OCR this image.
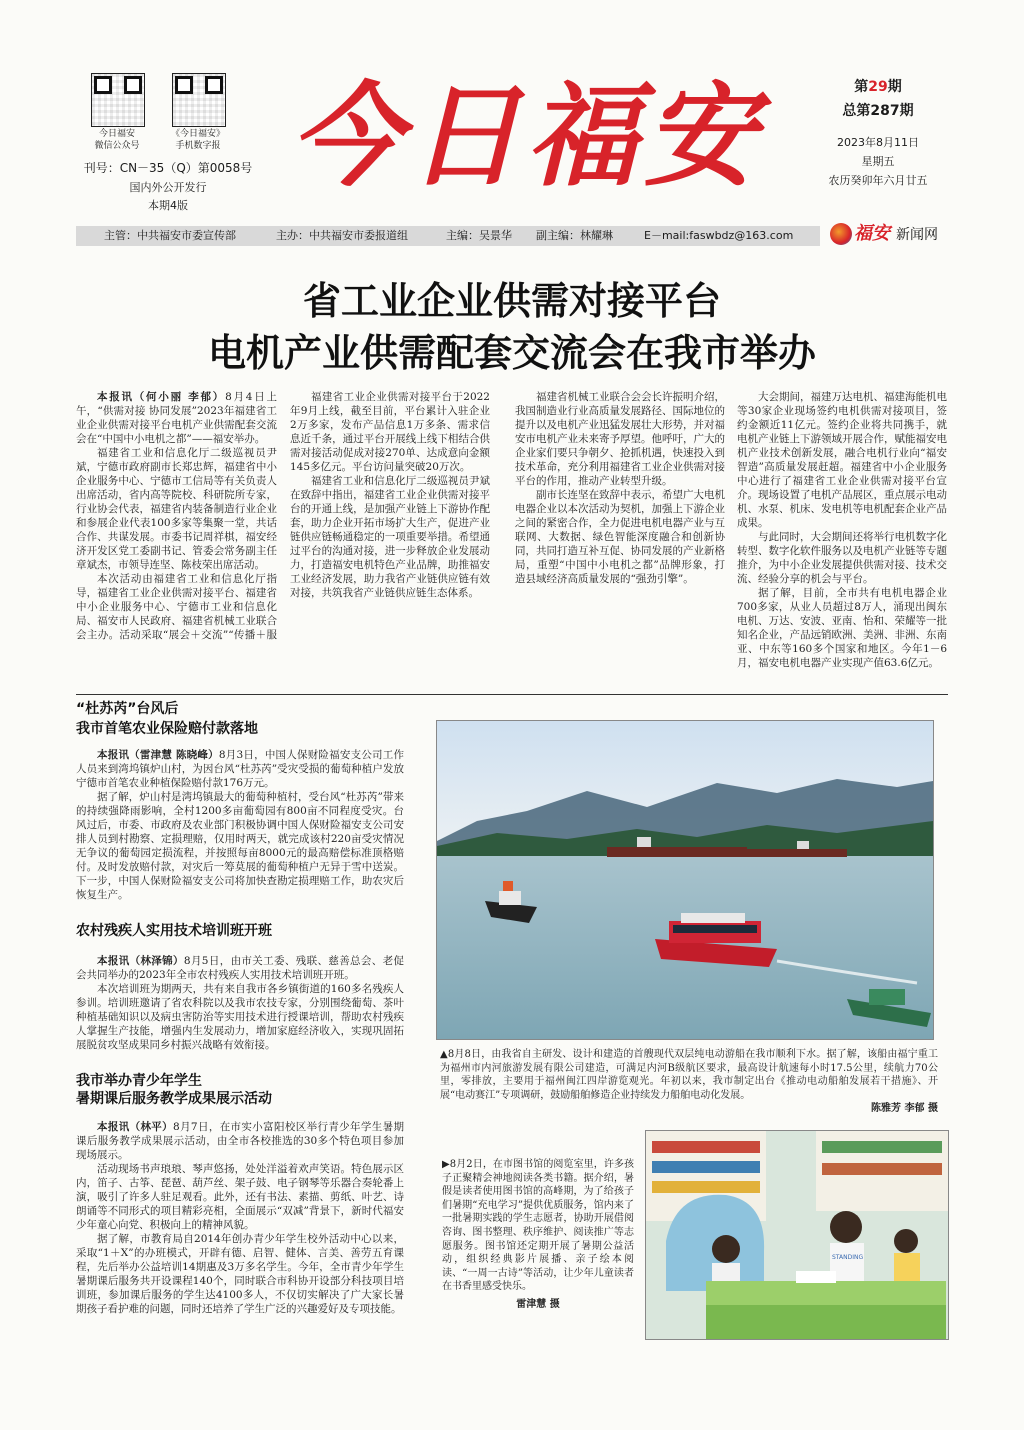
今日福安
微信公众号
《今日福安》
手机数字报
刊号：CN－35（Q）第0058号
国内外公开发行
本期4版
今日福安	第29期
总第287期
2023年8月11日
星期五
农历癸卯年六月廿五
主管：中共福安市委宣传部	主办：中共福安市委报道组	主编：吴景华 副主编：林耀琳	E－mail:faswbdz@163.com	福安 新闻网
省工业企业供需对接平台
电机产业供需配套交流会在我市举办

本报讯（何小丽 李郁）8月4日上午，“供需对接 协同发展”2023年福建省工业企业供需对接平台电机产业供需配套交流会在“中国中小电机之都”——福安举办。

福建省工业和信息化厅二级巡视员尹斌，宁德市政府副市长郑忠辉，福建省中小企业服务中心、宁德市工信局等有关负责人出席活动，省内高等院校、科研院所专家，行业协会代表，福建省内装备制造行业企业和参展企业代表100多家等集聚一堂，共话合作、共谋发展。市委书记周祥棋，福安经济开发区党工委副书记、管委会常务副主任章斌杰，市领导连坚、陈枝荣出席活动。

本次活动由福建省工业和信息化厅指导，福建省工业企业供需对接平台、福建省中小企业服务中心、宁德市工业和信息化局、福安市人民政府、福建省机械工业联合会主办。活动采取“展会＋交流”“传播＋服

福建省工业企业供需对接平台于2022年9月上线，截至目前，平台累计入驻企业2万多家，发布产品信息1万多条、需求信息近千条，通过平台开展线上线下相结合供需对接活动促成对接270单、达成意向金额145多亿元。平台访问量突破20万次。

福建省工业和信息化厅二级巡视员尹斌在致辞中指出，福建省工业企业供需对接平台的开通上线，是加强产业链上下游协作配套，助力企业开拓市场扩大生产，促进产业链供应链畅通稳定的一项重要举措。希望通过平台的沟通对接，进一步释放企业发展动力，打造福安电机特色产业品牌，助推福安工业经济发展，助力我省产业链供应链有效对接，共筑我省产业链供应链生态体系。

福建省机械工业联合会会长许振明介绍，我国制造业行业高质量发展路径、国际地位的提升以及电机产业迅猛发展壮大形势，并对福安市电机产业未来寄予厚望。他呼吁，广大的企业家们要只争朝夕、抢抓机遇，快速投入到技术革命，充分利用福建省工业企业供需对接平台的作用，推动产业转型升级。

副市长连坚在致辞中表示，希望广大电机电器企业以本次活动为契机，加强上下游企业之间的紧密合作，全力促进电机电器产业与互联网、大数据、绿色智能深度融合和创新协同，共同打造互补互促、协同发展的产业新格局，重塑“中国中小电机之都”品牌形象，打造县域经济高质量发展的“强劲引擎”。

大会期间，福建万达电机、福建海能机电等30家企业现场签约电机供需对接项目，签约金额近11亿元。签约企业将共同携手，就电机产业链上下游领域开展合作，赋能福安电机产业技术创新发展，融合电机行业向“福安智造”高质量发展赶超。福建省中小企业服务中心进行了福建省工业企业供需对接平台宣介。现场设置了电机产品展区，重点展示电动机、水泵、机床、发电机等电机配套企业产品成果。

与此同时，大会期间还将举行电机数字化转型、数字化软件服务以及电机产业链等专题推介，为中小企业发展提供供需对接、技术交流、经验分享的机会与平台。

据了解，目前，全市共有电机电器企业700多家，从业人员超过8万人，涌现出闽东电机、万达、安波、亚南、怡和、荣耀等一批知名企业，产品远销欧洲、美洲、非洲、东南亚、中东等160多个国家和地区。今年1－6月，福安电机电器产业实现产值63.6亿元。

“杜苏芮”台风后
我市首笔农业保险赔付款落地

本报讯（雷津慧 陈晓峰）8月3日，中国人保财险福安支公司工作人员来到湾坞镇炉山村，为因台风“杜苏芮”受灾受损的葡萄种植户发放宁德市首笔农业种植保险赔付款176万元。

据了解，炉山村是湾坞镇最大的葡萄种植村，受台风“杜苏芮”带来的持续强降雨影响，全村1200多亩葡萄园有800亩不同程度受灾。台风过后，市委、市政府及农业部门积极协调中国人保财险福安支公司安排人员到村勘察、定损理赔，仅用时两天，就完成该村220亩受灾情况无争议的葡萄园定损流程，并按照每亩8000元的最高赔偿标准顶格赔付。及时发放赔付款，对灾后一筹莫展的葡萄种植户无异于雪中送炭。下一步，中国人保财险福安支公司将加快查勘定损理赔工作，助农灾后恢复生产。

农村残疾人实用技术培训班开班

本报讯（林泽锦）8月5日，由市关工委、残联、慈善总会、老促会共同举办的2023年全市农村残疾人实用技术培训班开班。

本次培训班为期两天，共有来自我市各乡镇街道的160多名残疾人参训。培训班邀请了省农科院以及我市农技专家，分别围绕葡萄、茶叶种植基础知识以及病虫害防治等实用技术进行授课培训，帮助农村残疾人掌握生产技能，增强内生发展动力，增加家庭经济收入，实现巩固拓展脱贫攻坚成果同乡村振兴战略有效衔接。

我市举办青少年学生
暑期课后服务教学成果展示活动

本报讯（林平）8月7日，在市实小富阳校区举行青少年学生暑期课后服务教学成果展示活动，由全市各校推选的30多个特色项目参加现场展示。

活动现场书声琅琅、琴声悠扬，处处洋溢着欢声笑语。特色展示区内，笛子、古筝、琵琶、葫芦丝、架子鼓、电子钢琴等乐器合奏轮番上演，吸引了许多人驻足观看。此外，还有书法、素描、剪纸、叶艺、诗朗诵等不同形式的项目精彩亮相，全面展示“双减”背景下，新时代福安少年童心向党、积极向上的精神风貌。

据了解，市教育局自2014年创办青少年学生校外活动中心以来，采取“1＋X”的办班模式，开辟有德、启智、健体、言美、善劳五育课程，先后举办公益培训14期惠及3万多名学生。今年，全市青少年学生暑期课后服务共开设课程140个，同时联合市科协开设部分科技项目培训班，参加课后服务的学生达4100多人，不仅切实解决了广大家长暑期孩子看护难的问题，同时还培养了学生广泛的兴趣爱好及专项技能。

▲8月8日，由我省自主研发、设计和建造的首艘现代双层纯电动游船在我市顺利下水。据了解，该船由福宁重工为福州市内河旅游发展有限公司建造，可满足内河B级航区要求，最高设计航速每小时17.5公里，续航力70公里，零排放，主要用于福州闽江四岸游览观光。年初以来，我市制定出台《推动电动船舶发展若干措施》、开展“电动赛江”专项调研，鼓励船舶修造企业持续发力船舶电动化发展。
陈雅芳 李郁 摄
▶8月2日，在市图书馆的阅览室里，许多孩子正聚精会神地阅读各类书籍。据介绍，暑假是读者使用图书馆的高峰期，为了给孩子们暑期“充电学习”提供优质服务，馆内来了一批暑期实践的学生志愿者，协助开展借阅咨询、图书整理、秩序维护、阅读推广等志愿服务。图书馆还定期开展了暑期公益活动，组织经典影片展播、亲子绘本阅读、“一周一古诗”等活动，让少年儿童读者在书香里感受快乐。
雷津慧 摄
STANDING
